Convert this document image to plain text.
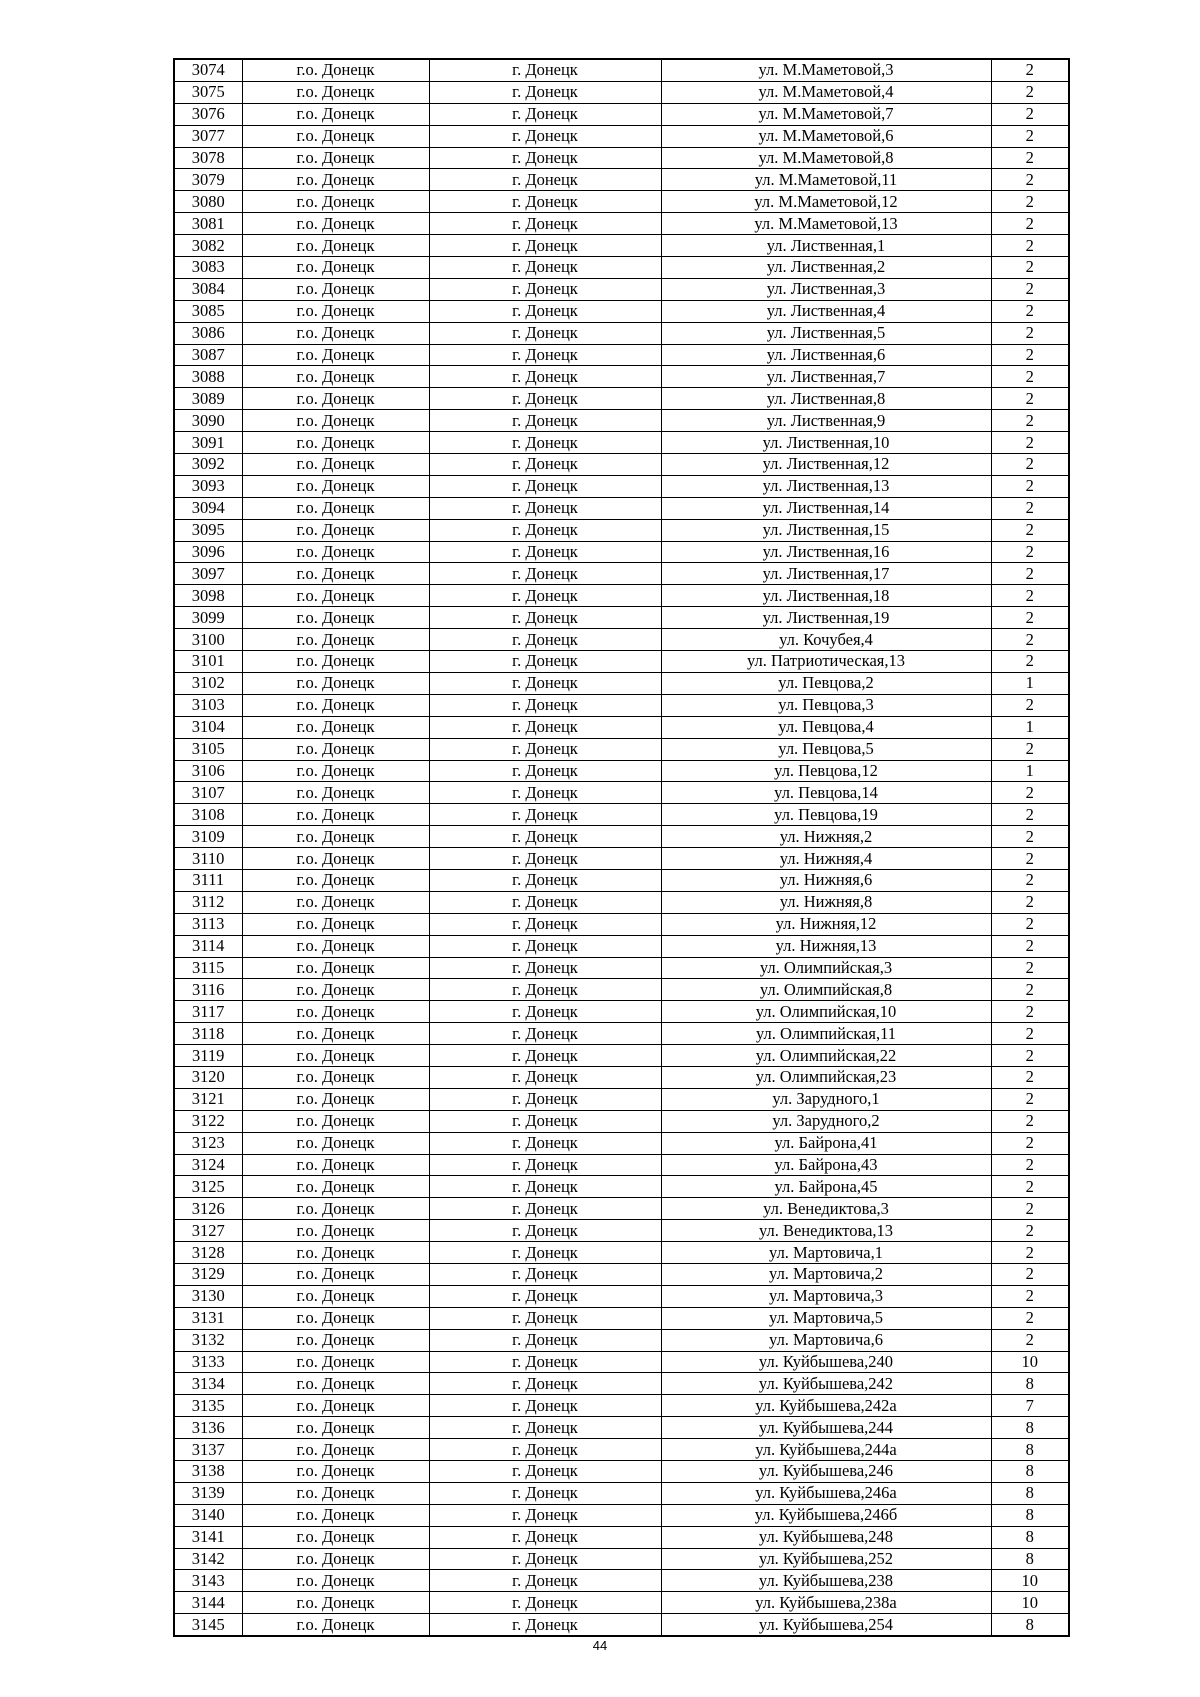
3074	г.о. Донецк	г. Донецк	ул. М.Маметовой,3	2
3075	г.о. Донецк	г. Донецк	ул. М.Маметовой,4	2
3076	г.о. Донецк	г. Донецк	ул. М.Маметовой,7	2
3077	г.о. Донецк	г. Донецк	ул. М.Маметовой,6	2
3078	г.о. Донецк	г. Донецк	ул. М.Маметовой,8	2
3079	г.о. Донецк	г. Донецк	ул. М.Маметовой,11	2
3080	г.о. Донецк	г. Донецк	ул. М.Маметовой,12	2
3081	г.о. Донецк	г. Донецк	ул. М.Маметовой,13	2
3082	г.о. Донецк	г. Донецк	ул. Лиственная,1	2
3083	г.о. Донецк	г. Донецк	ул. Лиственная,2	2
3084	г.о. Донецк	г. Донецк	ул. Лиственная,3	2
3085	г.о. Донецк	г. Донецк	ул. Лиственная,4	2
3086	г.о. Донецк	г. Донецк	ул. Лиственная,5	2
3087	г.о. Донецк	г. Донецк	ул. Лиственная,6	2
3088	г.о. Донецк	г. Донецк	ул. Лиственная,7	2
3089	г.о. Донецк	г. Донецк	ул. Лиственная,8	2
3090	г.о. Донецк	г. Донецк	ул. Лиственная,9	2
3091	г.о. Донецк	г. Донецк	ул. Лиственная,10	2
3092	г.о. Донецк	г. Донецк	ул. Лиственная,12	2
3093	г.о. Донецк	г. Донецк	ул. Лиственная,13	2
3094	г.о. Донецк	г. Донецк	ул. Лиственная,14	2
3095	г.о. Донецк	г. Донецк	ул. Лиственная,15	2
3096	г.о. Донецк	г. Донецк	ул. Лиственная,16	2
3097	г.о. Донецк	г. Донецк	ул. Лиственная,17	2
3098	г.о. Донецк	г. Донецк	ул. Лиственная,18	2
3099	г.о. Донецк	г. Донецк	ул. Лиственная,19	2
3100	г.о. Донецк	г. Донецк	ул. Кочубея,4	2
3101	г.о. Донецк	г. Донецк	ул. Патриотическая,13	2
3102	г.о. Донецк	г. Донецк	ул. Певцова,2	1
3103	г.о. Донецк	г. Донецк	ул. Певцова,3	2
3104	г.о. Донецк	г. Донецк	ул. Певцова,4	1
3105	г.о. Донецк	г. Донецк	ул. Певцова,5	2
3106	г.о. Донецк	г. Донецк	ул. Певцова,12	1
3107	г.о. Донецк	г. Донецк	ул. Певцова,14	2
3108	г.о. Донецк	г. Донецк	ул. Певцова,19	2
3109	г.о. Донецк	г. Донецк	ул. Нижняя,2	2
3110	г.о. Донецк	г. Донецк	ул. Нижняя,4	2
3111	г.о. Донецк	г. Донецк	ул. Нижняя,6	2
3112	г.о. Донецк	г. Донецк	ул. Нижняя,8	2
3113	г.о. Донецк	г. Донецк	ул. Нижняя,12	2
3114	г.о. Донецк	г. Донецк	ул. Нижняя,13	2
3115	г.о. Донецк	г. Донецк	ул. Олимпийская,3	2
3116	г.о. Донецк	г. Донецк	ул. Олимпийская,8	2
3117	г.о. Донецк	г. Донецк	ул. Олимпийская,10	2
3118	г.о. Донецк	г. Донецк	ул. Олимпийская,11	2
3119	г.о. Донецк	г. Донецк	ул. Олимпийская,22	2
3120	г.о. Донецк	г. Донецк	ул. Олимпийская,23	2
3121	г.о. Донецк	г. Донецк	ул. Зарудного,1	2
3122	г.о. Донецк	г. Донецк	ул. Зарудного,2	2
3123	г.о. Донецк	г. Донецк	ул. Байрона,41	2
3124	г.о. Донецк	г. Донецк	ул. Байрона,43	2
3125	г.о. Донецк	г. Донецк	ул. Байрона,45	2
3126	г.о. Донецк	г. Донецк	ул. Венедиктова,3	2
3127	г.о. Донецк	г. Донецк	ул. Венедиктова,13	2
3128	г.о. Донецк	г. Донецк	ул. Мартовича,1	2
3129	г.о. Донецк	г. Донецк	ул. Мартовича,2	2
3130	г.о. Донецк	г. Донецк	ул. Мартовича,3	2
3131	г.о. Донецк	г. Донецк	ул. Мартовича,5	2
3132	г.о. Донецк	г. Донецк	ул. Мартовича,6	2
3133	г.о. Донецк	г. Донецк	ул. Куйбышева,240	10
3134	г.о. Донецк	г. Донецк	ул. Куйбышева,242	8
3135	г.о. Донецк	г. Донецк	ул. Куйбышева,242а	7
3136	г.о. Донецк	г. Донецк	ул. Куйбышева,244	8
3137	г.о. Донецк	г. Донецк	ул. Куйбышева,244а	8
3138	г.о. Донецк	г. Донецк	ул. Куйбышева,246	8
3139	г.о. Донецк	г. Донецк	ул. Куйбышева,246а	8
3140	г.о. Донецк	г. Донецк	ул. Куйбышева,246б	8
3141	г.о. Донецк	г. Донецк	ул. Куйбышева,248	8
3142	г.о. Донецк	г. Донецк	ул. Куйбышева,252	8
3143	г.о. Донецк	г. Донецк	ул. Куйбышева,238	10
3144	г.о. Донецк	г. Донецк	ул. Куйбышева,238а	10
3145	г.о. Донецк	г. Донецк	ул. Куйбышева,254	8
44
